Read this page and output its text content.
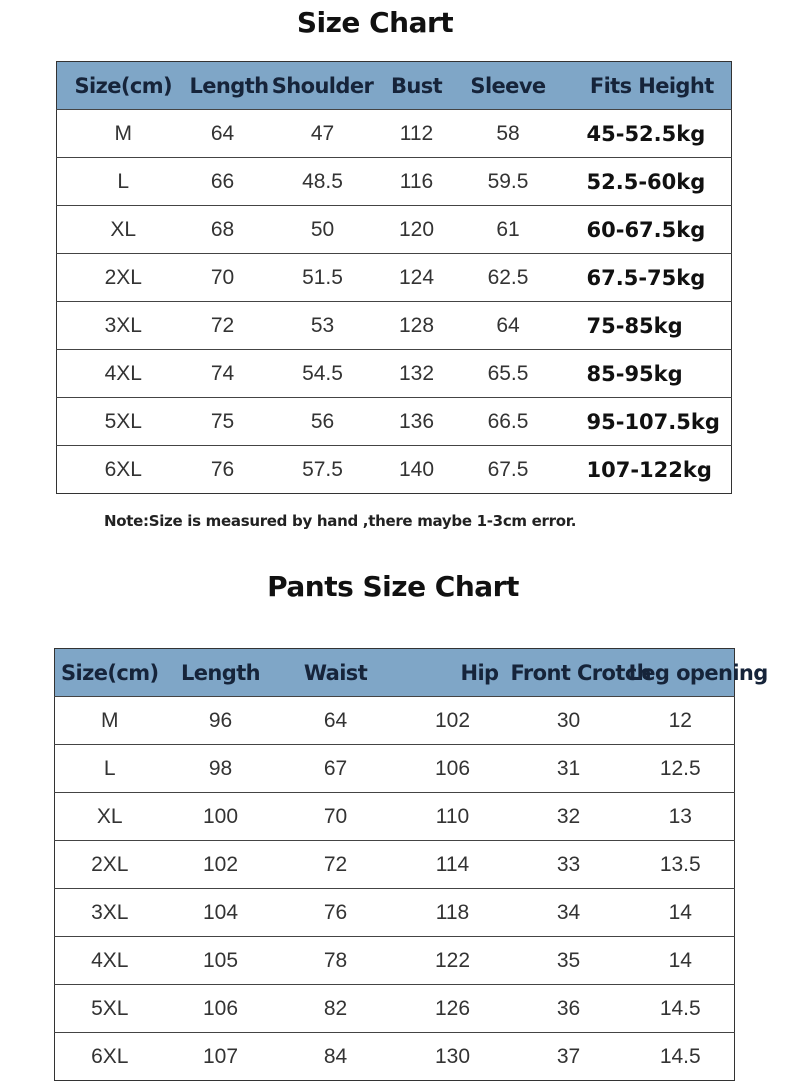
Size Chart
Size(cm)	Length	Shoulder	Bust	Sleeve	Fits Height
M	64	47	112	58	45-52.5kg
L	66	48.5	116	59.5	52.5-60kg
XL	68	50	120	61	60-67.5kg
2XL	70	51.5	124	62.5	67.5-75kg
3XL	72	53	128	64	75-85kg
4XL	74	54.5	132	65.5	85-95kg
5XL	75	56	136	66.5	95-107.5kg
6XL	76	57.5	140	67.5	107-122kg
Note:Size is measured by hand ,there maybe 1-3cm error.
Pants Size Chart
Size(cm)	Length	Waist	Hip	Front Crotch	Leg opening
M	96	64	102	30	12
L	98	67	106	31	12.5
XL	100	70	110	32	13
2XL	102	72	114	33	13.5
3XL	104	76	118	34	14
4XL	105	78	122	35	14
5XL	106	82	126	36	14.5
6XL	107	84	130	37	14.5
